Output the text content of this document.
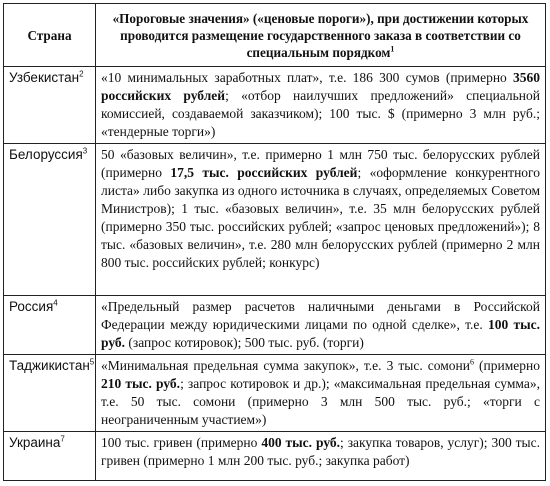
Страна	«Пороговые значения» («ценовые пороги»), при достижении которых проводится размещение государственного заказа в соответствии со специальным порядком$^1$
Узбекистан$^2$	«10 минимальных заработных плат», т.е. 186 300 сумов (примерно 3560 российских рублей; «отбор наилучших предложений» специальной комиссией, создаваемой заказчиком); 100 тыс. $ (примерно 3 млн руб.; «тендерные торги»)
Белоруссия$^3$	50 «базовых величин», т.е. примерно 1 млн 750 тыс. белорусских рублей (примерно 17,5 тыс. российских рублей; «оформление конкурентного листа» либо закупка из одного источника в случаях, определяемых Советом Министров); 1 тыс. «базовых величин», т.е. 35 млн белорусских рублей (примерно 350 тыс. российских рублей; «запрос ценовых предложений»); 8 тыс. «базовых величин», т.е. 280 млн белорусских рублей (примерно 2 млн 800 тыс. российских рублей; конкурс)
Россия$^4$	«Предельный размер расчетов наличными деньгами в Российской Федерации между юридическими лицами по одной сделке», т.е. 100 тыс. руб. (запрос котировок); 500 тыс. руб. (торги)
Таджикистан$^5$	«Минимальная предельная сумма закупок», т.е. 3 тыс. сомони$^6$ (примерно 210 тыс. руб.; запрос котировок и др.); «максимальная предельная сумма», т.е. 50 тыс. сомони (примерно 3 млн 500 тыс. руб.; «торги с неограниченным участием»)
Украина$^7$	100 тыс. гривен (примерно 400 тыс. руб.; закупка товаров, услуг); 300 тыс. гривен (примерно 1 млн 200 тыс. руб.; закупка работ)
